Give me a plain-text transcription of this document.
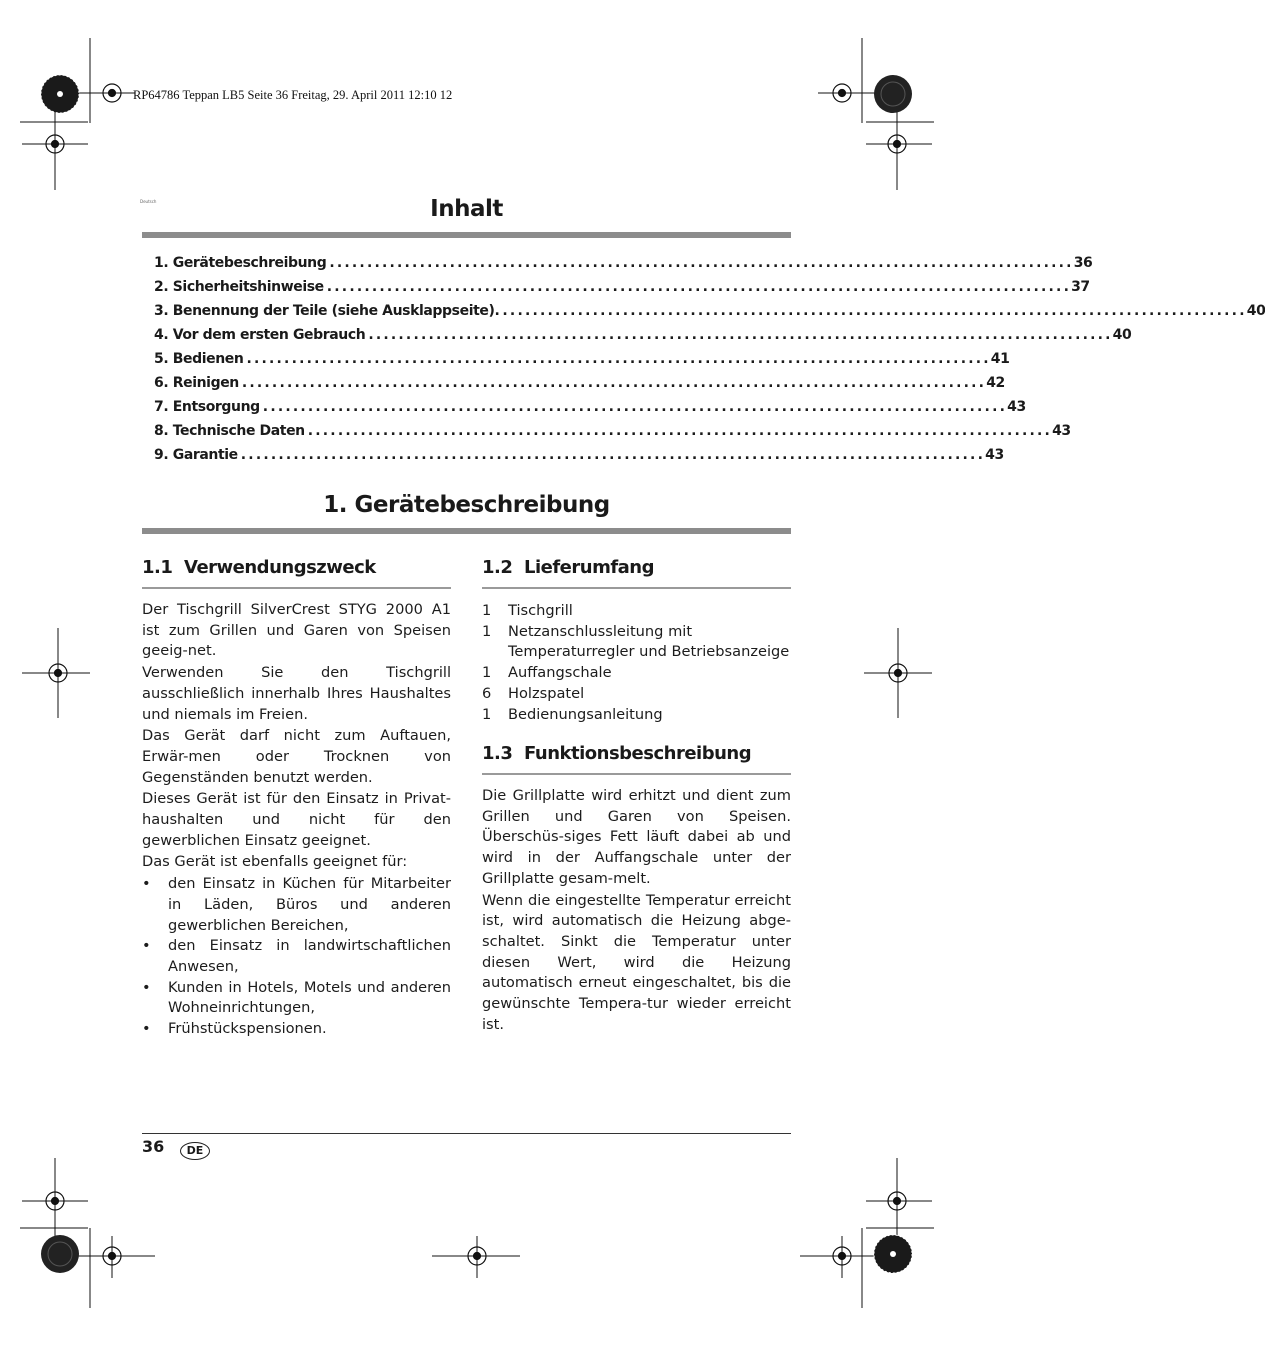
RP64786 Teppan LB5 Seite 36 Freitag, 29. April 2011 12:10 12
Deutsch	Inhalt
1. Gerätebeschreibung ................................................................................................... 36
2. Sicherheitshinweise ................................................................................................... 37
3. Benennung der Teile (siehe Ausklappseite). ................................................................................................... 40
4. Vor dem ersten Gebrauch ................................................................................................... 40
5. Bedienen ................................................................................................... 41
6. Reinigen ................................................................................................... 42
7. Entsorgung ................................................................................................... 43
8. Technische Daten ................................................................................................... 43
9. Garantie ................................................................................................... 43
1. Gerätebeschreibung
1.1 Verwendungszweck

Der Tischgrill SilverCrest STYG 2000 A1 ist zum Grillen und Garen von Speisen geeig-net.

Verwenden Sie den Tischgrill ausschließlich innerhalb Ihres Haushaltes und niemals im Freien.

Das Gerät darf nicht zum Auftauen, Erwär-men oder Trocknen von Gegenständen benutzt werden.

Dieses Gerät ist für den Einsatz in Privat-haushalten und nicht für den gewerblichen Einsatz geeignet.

Das Gerät ist ebenfalls geeignet für:

•	den Einsatz in Küchen für Mitarbeiter in Läden, Büros und anderen gewerblichen Bereichen,
•	den Einsatz in landwirtschaftlichen Anwesen,
•	Kunden in Hotels, Motels und anderen Wohneinrichtungen,
•	Frühstückspensionen.
1.2 Lieferumfang
1	Tischgrill
1	Netzanschlussleitung mit Temperaturregler und Betriebsanzeige
1	Auffangschale
6	Holzspatel
1	Bedienungsanleitung
1.3 Funktionsbeschreibung

Die Grillplatte wird erhitzt und dient zum Grillen und Garen von Speisen. Überschüs-siges Fett läuft dabei ab und wird in der Auffangschale unter der Grillplatte gesam-melt.

Wenn die eingestellte Temperatur erreicht ist, wird automatisch die Heizung abge-schaltet. Sinkt die Temperatur unter diesen Wert, wird die Heizung automatisch erneut eingeschaltet, bis die gewünschte Tempera-tur wieder erreicht ist.

36	DE
